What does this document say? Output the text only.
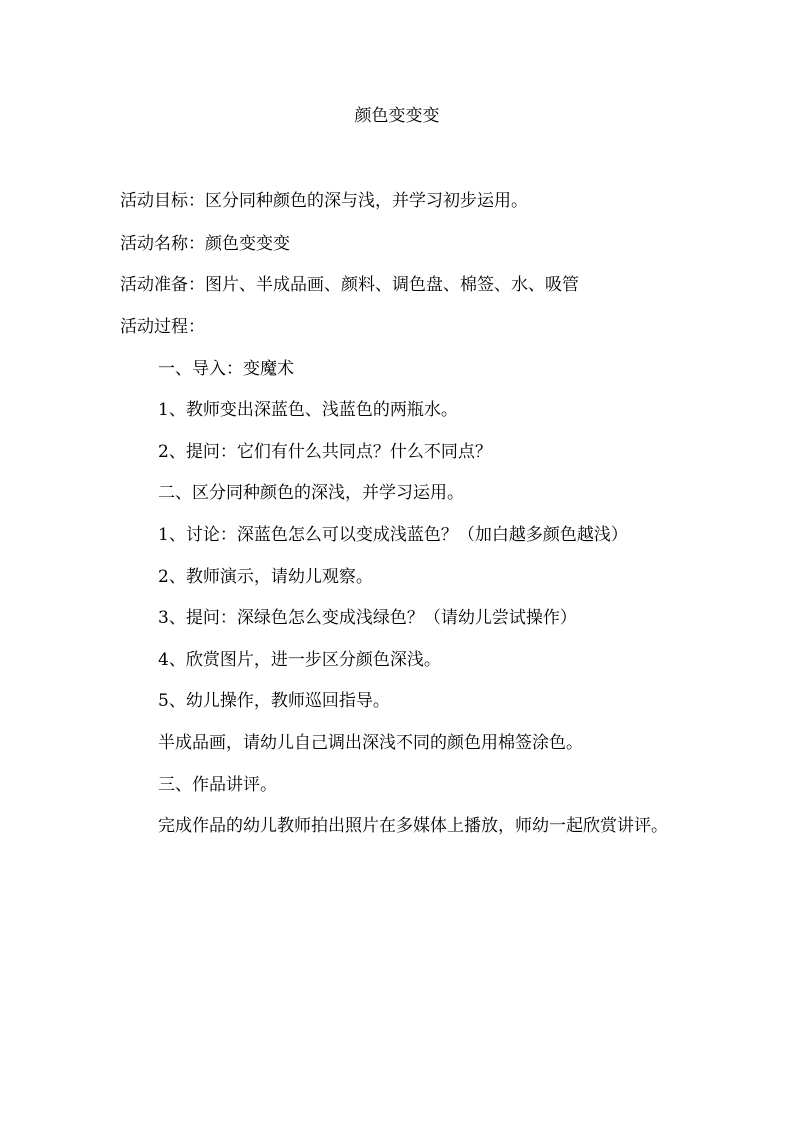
颜色变变变
活动目标：区分同种颜色的深与浅，并学习初步运用。
活动名称：颜色变变变
活动准备：图片、半成品画、颜料、调色盘、棉签、水、吸管
活动过程：
一、导入：变魔术
1、教师变出深蓝色、浅蓝色的两瓶水。
2、提问：它们有什么共同点？什么不同点？
二、区分同种颜色的深浅，并学习运用。
1、讨论：深蓝色怎么可以变成浅蓝色？（加白越多颜色越浅）
2、教师演示，请幼儿观察。
3、提问：深绿色怎么变成浅绿色？（请幼儿尝试操作）
4、欣赏图片，进一步区分颜色深浅。
5、幼儿操作，教师巡回指导。
半成品画，请幼儿自己调出深浅不同的颜色用棉签涂色。
三、作品讲评。
完成作品的幼儿教师拍出照片在多媒体上播放，师幼一起欣赏讲评。
